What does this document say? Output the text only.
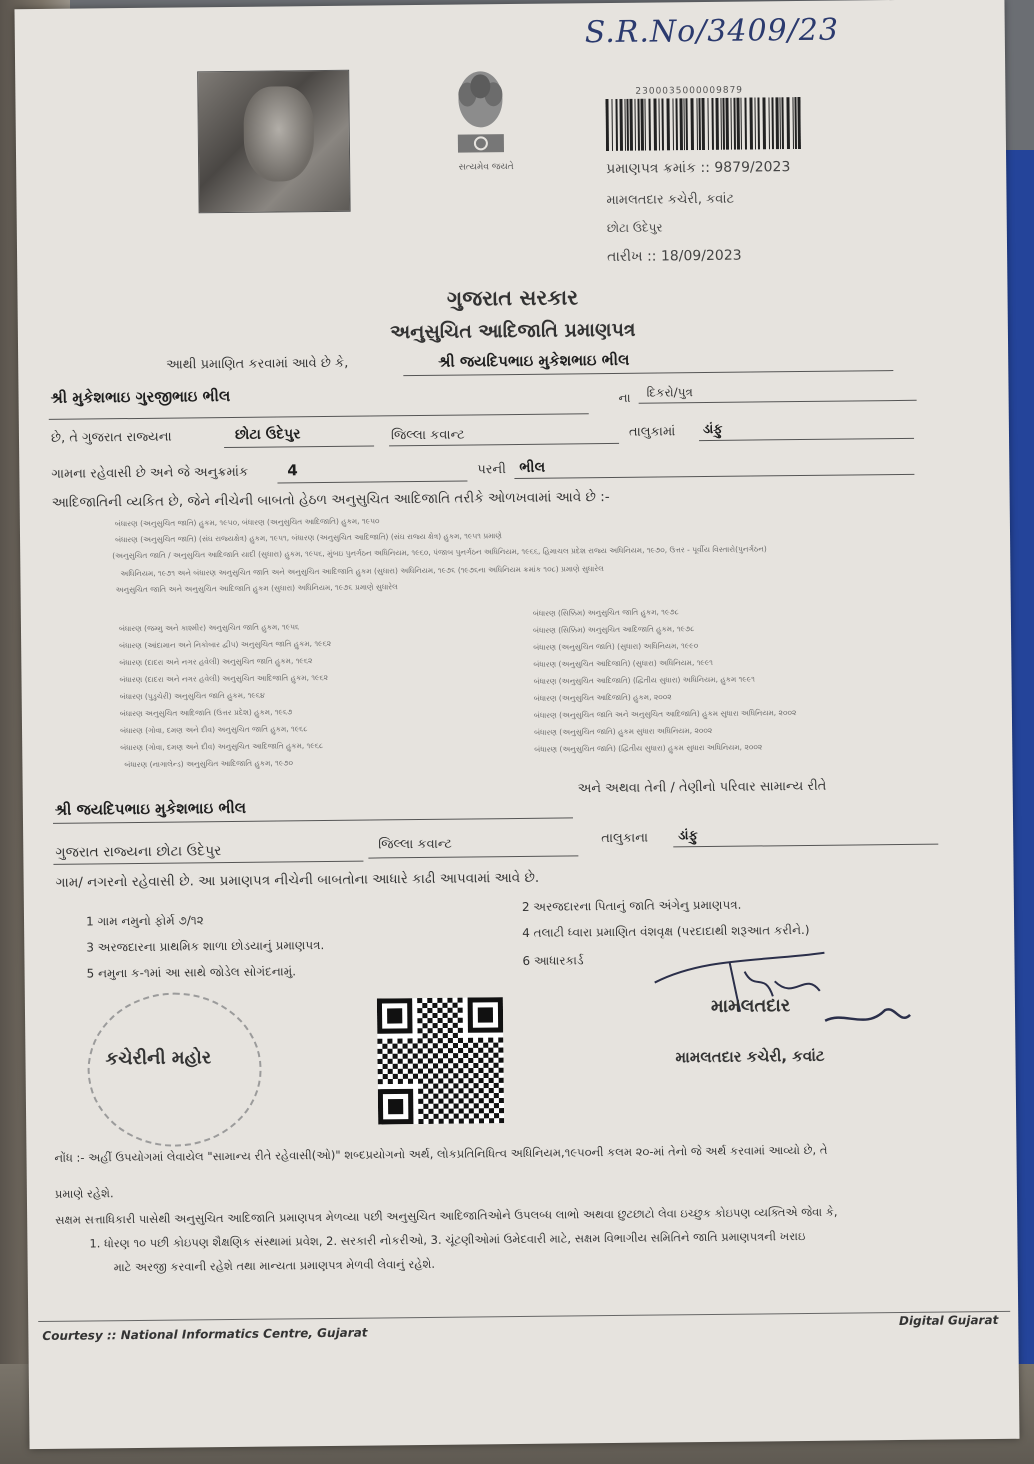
S.R.No/3409/23
સત્યમેવ જયતે
2300035000009879
પ્રમાણપત્ર ક્રમાંક :: 9879/2023
મામલતદાર કચેરી, કવાંટ
છોટા ઉદેપુર
તારીખ :: 18/09/2023
ગુજરાત સરકાર
અનુસુચિત આદિજાતિ પ્રમાણપત્ર
આથી પ્રમાણિત કરવામાં આવે છે કે,	શ્રી જયદિપભાઇ મુકેશભાઇ ભીલ
શ્રી મુકેશભાઇ ગુરજીભાઇ ભીલ	ના દિકરો/પુત્ર
છે, તે ગુજરાત રાજ્યના	છોટા ઉદેપુર	જિલ્લા કવાન્ટ	તાલુકામાં ડાંફુ
ગામના રહેવાસી છે અને જે અનુક્રમાંક	4	પરની ભીલ
આદિજાતિની વ્યકિત છે, જેને નીચેની બાબતો હેઠળ અનુસુચિત આદિજાતિ તરીકે ઓળખવામાં આવે છે :-
બંધારણ (અનુસુચિત જાતિ) હુકમ, ૧૯૫૦, બંધારણ (અનુસુચિત આદિજાતિ) હુકમ, ૧૯૫૦
બંધારણ (અનુસુચિત જાતિ) (સંઘ રાજ્યક્ષેત્ર) હુકમ, ૧૯૫૧, બંધારણ (અનુસુચિત આદિજાતિ) (સંઘ રાજ્ય ક્ષેત્ર) હુકમ, ૧૯૫૧ પ્રમાણે
(અનુસુચિત જાતિ / અનુસુચિત આદિજાતિ યાદી (સુધારા) હુકમ, ૧૯૫૬, મુંબઇ પુનર્ગઠન અધિનિયમ, ૧૯૬૦, પંજાબ પુનર્ગઠન અધિનિયમ, ૧૯૬૬, હિમાચલ પ્રદેશ રાજ્ય અધિનિયમ, ૧૯૭૦, ઉત્તર - પૂર્વીય વિસ્તારો(પુનર્ગઠન)
અધિનિયમ, ૧૯૭૧ અને બંધારણ અનુસુચિત જાતિ અને અનુસુચિત આદિજાતિ હુકમ (સુધારા) અધિનિયમ, ૧૯૭૬ (૧૯૭૬ના અધિનિયમ ક્રમાંક ૧૦૮) પ્રમાણે સુધારેલ
અનુસુચિત જાતિ અને અનુસુચિત આદિજાતિ હુકમ (સુધારા) અધિનિયમ, ૧૯૭૬ પ્રમાણે સુધારેલ
બંધારણ (જમ્મુ અને કાશ્મીર) અનુસુચિત જાતિ હુકમ, ૧૯૫૬
બંધારણ (આંદામાન અને નિકોબાર દ્વીપ) અનુસુચિત જાતિ હુકમ, ૧૯૬૨
બંધારણ (દાદરા અને નગર હવેલી) અનુસુચિત જાતિ હુકમ, ૧૯૬૨
બંધારણ (દાદરા અને નગર હવેલી) અનુસુચિત આદિજાતિ હુકમ, ૧૯૬૨
બંધારણ (પુડુચેરી) અનુસુચિત જાતિ હુકમ, ૧૯૬૪
બંધારણ અનુસુચિત આદિજાતિ (ઉત્તર પ્રદેશ) હુકમ, ૧૯૬૭
બંધારણ (ગોવા, દમણ અને દીવ) અનુસુચિત જાતિ હુકમ, ૧૯૬૮
બંધારણ (ગોવા, દમણ અને દીવ) અનુસુચિત આદિજાતિ હુકમ, ૧૯૬૮
બંધારણ (નાગાલેન્ડ) અનુસુચિત આદિજાતિ હુકમ, ૧૯૭૦
બંધારણ (સિક્કિમ) અનુસુચિત જાતિ હુકમ, ૧૯૭૮
બંધારણ (સિક્કિમ) અનુસુચિત આદિજાતિ હુકમ, ૧૯૭૮
બંધારણ (અનુસુચિત જાતિ) (સુધારા) અધિનિયમ, ૧૯૯૦
બંધારણ (અનુસુચિત આદિજાતિ) (સુધારા) અધિનિયમ, ૧૯૯૧
બંધારણ (અનુસુચિત આદિજાતિ) (દ્વિતીય સુધારા) અધિનિયમ, હુકમ ૧૯૯૧
બંધારણ (અનુસુચિત આદિજાતિ) હુકમ, ૨૦૦૨
બંધારણ (અનુસુચિત જાતિ અને અનુસુચિત આદિજાતિ) હુકમ સુધારા અધિનિયમ, ૨૦૦૨
બંધારણ (અનુસુચિત જાતિ) હુકમ સુધારા અધિનિયમ, ૨૦૦૨
બંધારણ (અનુસુચિત જાતિ) (દ્વિતીય સુધારા) હુકમ સુધારા અધિનિયમ, ૨૦૦૨
શ્રી જયદિપભાઇ મુકેશભાઇ ભીલ
અને અથવા તેની / તેણીનો પરિવાર સામાન્ય રીતે
ગુજરાત રાજ્યના છોટા ઉદેપુર	જિલ્લા કવાન્ટ	તાલુકાના ડાંફુ
ગામ/ નગરનો રહેવાસી છે. આ પ્રમાણપત્ર નીચેની બાબતોના આધારે કાઢી આપવામાં આવે છે.
1 ગામ નમુનો ફોર્મ ૭/૧૨
2 અરજદારના પિતાનું જાતિ અંગેનુ પ્રમાણપત્ર.
3 અરજદારના પ્રાથમિક શાળા છોડયાનું પ્રમાણપત્ર.
4 તલાટી ધ્વારા પ્રમાણિત વંશવૃક્ષ (પરદાદાથી શરૂઆત કરીને.)
5 નમુના ક-૧માં આ સાથે જોડેલ સોગંદનામું.
6 આધારકાર્ડ
કચેરીની મહોર
મામલતદાર
મામલતદાર કચેરી, કવાંટ
નોંધ :- અહીં ઉપયોગમાં લેવાયેલ "સામાન્ય રીતે રહેવાસી(ઓ)" શબ્દપ્રયોગનો અર્થ, લોકપ્રતિનિધિત્વ અધિનિયમ,૧૯૫૦ની કલમ ૨૦-માં તેનો જે અર્થ કરવામાં આવ્યો છે, તે
પ્રમાણે રહેશે.
સક્ષમ સત્તાધિકારી પાસેથી અનુસુચિત આદિજાતિ પ્રમાણપત્ર મેળવ્યા પછી અનુસુચિત આદિજાતિઓને ઉપલબ્ધ લાભો અથવા છુટછાટો લેવા ઇચ્છુક કોઇપણ વ્યક્તિએ જેવા કે,
1. ધોરણ ૧૦ પછી કોઇપણ શૈક્ષણિક સંસ્થામાં પ્રવેશ, 2. સરકારી નોકરીઓ, 3. ચૂંટણીઓમાં ઉમેદવારી માટે, સક્ષમ વિભાગીય સમિતિને જાતિ પ્રમાણપત્રની ખરાઇ
માટે અરજી કરવાની રહેશે તથા માન્યતા પ્રમાણપત્ર મેળવી લેવાનું રહેશે.
Courtesy :: National Informatics Centre, Gujarat
Digital Gujarat
